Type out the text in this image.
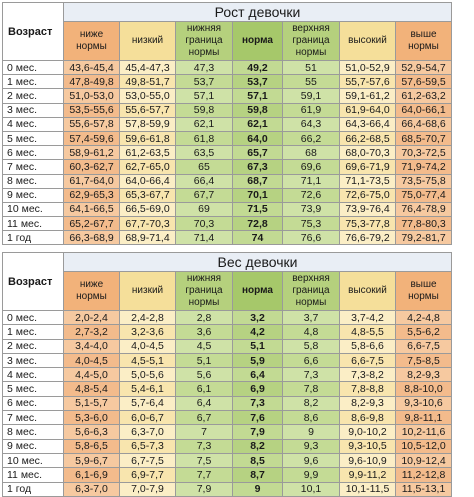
Возраст	Рост девочки						
	ниже нормы	низкий	нижняя граница нормы	норма	верхняя граница нормы	высокий	выше нормы
0 мес.	43,6-45,4	45,4-47,3	47,3	49,2	51	51,0-52,9	52,9-54,7
1 мес.	47,8-49,8	49,8-51,7	53,7	53,7	55	55,7-57,6	57,6-59,5
2 мес.	51,0-53,0	53,0-55,0	57,1	57,1	59,1	59,1-61,2	61,2-63,2
3 мес.	53,5-55,6	55,6-57,7	59,8	59,8	61,9	61,9-64,0	64,0-66,1
4 мес.	55,6-57,8	57,8-59,9	62,1	62,1	64,3	64,3-66,4	66,4-68,6
5 мес.	57,4-59,6	59,6-61,8	61,8	64,0	66,2	66,2-68,5	68,5-70,7
6 мес.	58,9-61,2	61,2-63,5	63,5	65,7	68	68,0-70,3	70,3-72,5
7 мес.	60,3-62,7	62,7-65,0	65	67,3	69,6	69,6-71,9	71,9-74,2
8 мес.	61,7-64,0	64,0-66,4	66,4	68,7	71,1	71,1-73,5	73,5-75,8
9 мес.	62,9-65,3	65,3-67,7	67,7	70,1	72,6	72,6-75,0	75,0-77,4
10 мес.	64,1-66,5	66,5-69,0	69	71,5	73,9	73,9-76,4	76,4-78,9
11 мес.	65,2-67,7	67,7-70,3	70,3	72,8	75,3	75,3-77,8	77,8-80,3
1 год	66,3-68,9	68,9-71,4	71,4	74	76,6	76,6-79,2	79,2-81,7
Возраст	Вес девочки						
	ниже нормы	низкий	нижняя граница нормы	норма	верхняя граница нормы	высокий	выше нормы
0 мес.	2,0-2,4	2,4-2,8	2,8	3,2	3,7	3,7-4,2	4,2-4,8
1 мес.	2,7-3,2	3,2-3,6	3,6	4,2	4,8	4,8-5,5	5,5-6,2
2 мес.	3,4-4,0	4,0-4,5	4,5	5,1	5,8	5,8-6,6	6,6-7,5
3 мес.	4,0-4,5	4,5-5,1	5,1	5,9	6,6	6,6-7,5	7,5-8,5
4 мес.	4,4-5,0	5,0-5,6	5,6	6,4	7,3	7,3-8,2	8,2-9,3
5 мес.	4,8-5,4	5,4-6,1	6,1	6,9	7,8	7,8-8,8	8,8-10,0
6 мес.	5,1-5,7	5,7-6,4	6,4	7,3	8,2	8,2-9,3	9,3-10,6
7 мес.	5,3-6,0	6,0-6,7	6,7	7,6	8,6	8,6-9,8	9,8-11,1
8 мес.	5,6-6,3	6,3-7,0	7	7,9	9	9,0-10,2	10,2-11,6
9 мес.	5,8-6,5	6,5-7,3	7,3	8,2	9,3	9,3-10,5	10,5-12,0
10 мес.	5,9-6,7	6,7-7,5	7,5	8,5	9,6	9,6-10,9	10,9-12,4
11 мес.	6,1-6,9	6,9-7,7	7,7	8,7	9,9	9,9-11,2	11,2-12,8
1 год	6,3-7,0	7,0-7,9	7,9	9	10,1	10,1-11,5	11,5-13,1
